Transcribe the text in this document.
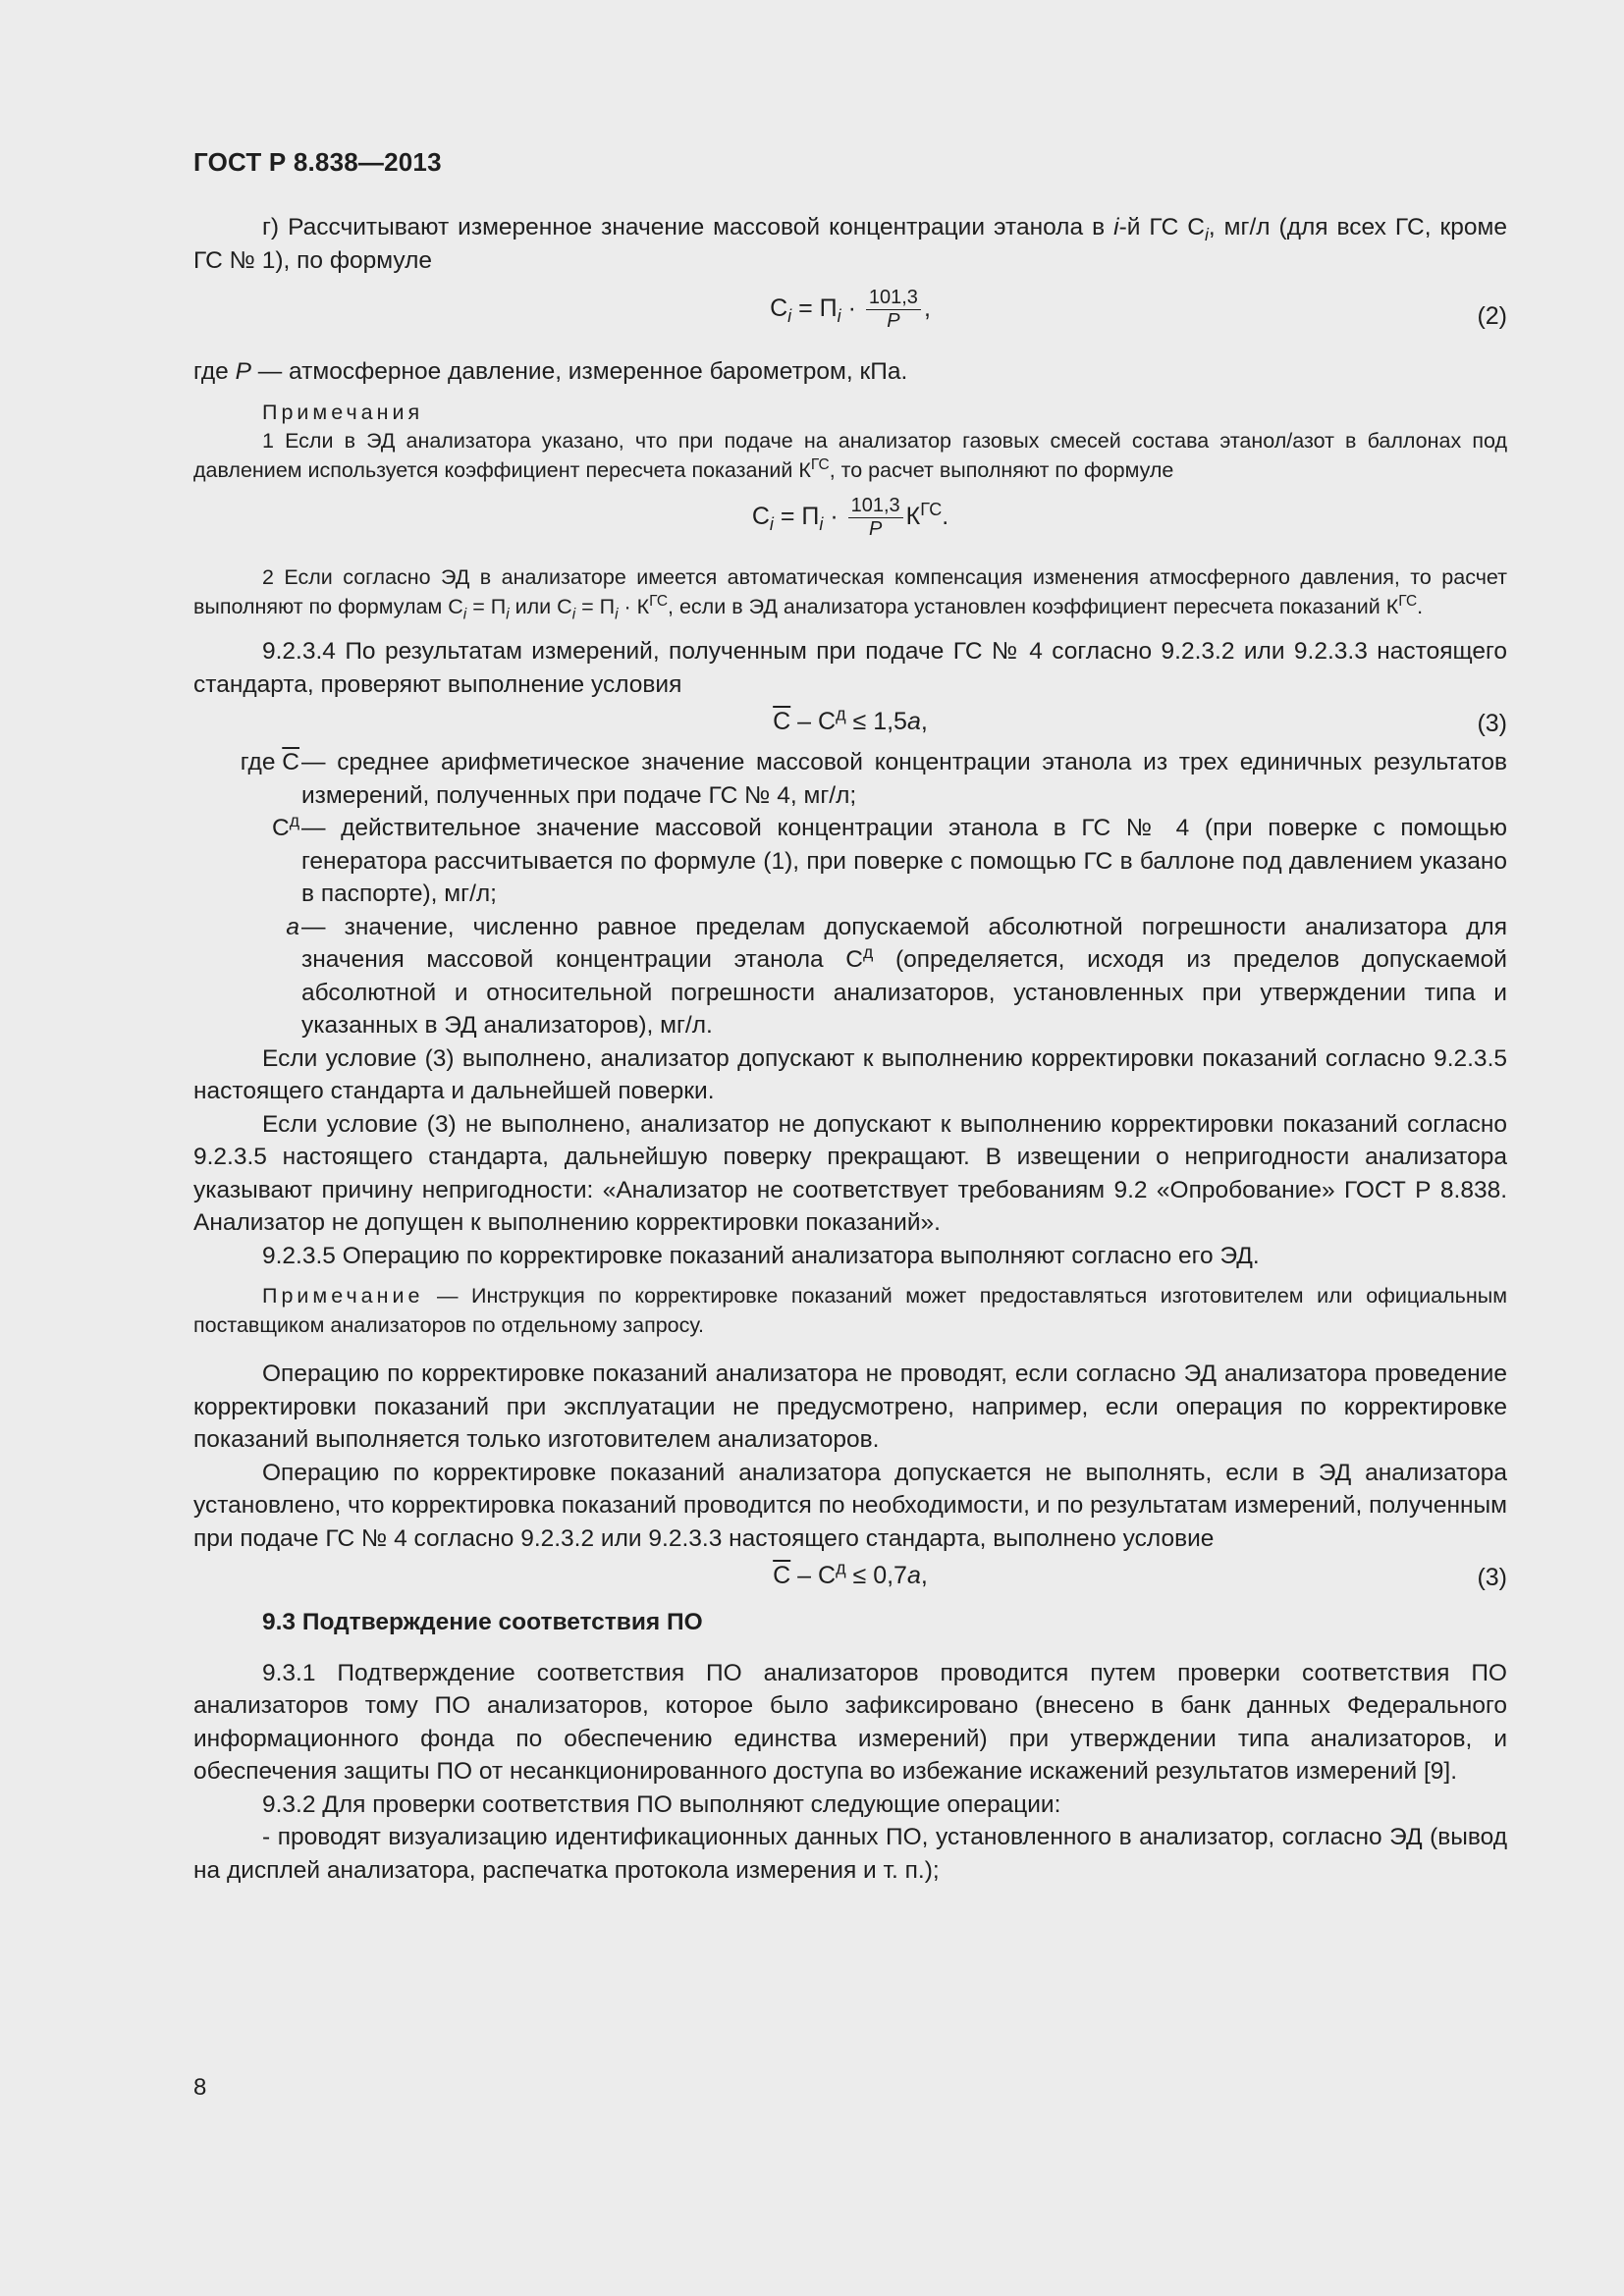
ГОСТ Р 8.838—2013

г) Рассчитывают измеренное значение массовой концентрации этанола в i-й ГС $С_i$, мг/л (для всех ГС, кроме ГС № 1), по формуле

$С_i = П_i \cdot \frac{101,3}{P}$ ,	(2)

где P — атмосферное давление, измеренное барометром, кПа.

Примечания

1 Если в ЭД анализатора указано, что при подаче на анализатор газовых смесей состава этанол/азот в баллонах под давлением используется коэффициент пересчета показаний $К^{ГС}$, то расчет выполняют по формуле

$С_i = П_i \cdot \frac{101,3}{P} К^{ГС}$.

2 Если согласно ЭД в анализаторе имеется автоматическая компенсация изменения атмосферного давления, то расчет выполняют по формулам $С_i = П_i$ или $С_i = П_i \cdot К^{ГС}$, если в ЭД анализатора установлен коэффициент пересчета показаний $К^{ГС}$.

9.2.3.4 По результатам измерений, полученным при подаче ГС № 4 согласно 9.2.3.2 или 9.2.3.3 настоящего стандарта, проверяют выполнение условия

$С - С^д \le 1,5a$,	(3)
где С — среднее арифметическое значение массовой концентрации этанола из трех единичных результатов измерений, полученных при подаче ГС № 4, мг/л;
$С^д$ — действительное значение массовой концентрации этанола в ГС № 4 (при поверке с помощью генератора рассчитывается по формуле (1), при поверке с помощью ГС в баллоне под давлением указано в паспорте), мг/л;
a — значение, численно равное пределам допускаемой абсолютной погрешности анализатора для значения массовой концентрации этанола $С^д$ (определяется, исходя из пределов допускаемой абсолютной и относительной погрешности анализаторов, установленных при утверждении типа и указанных в ЭД анализаторов), мг/л.

Если условие (3) выполнено, анализатор допускают к выполнению корректировки показаний согласно 9.2.3.5 настоящего стандарта и дальнейшей поверки.

Если условие (3) не выполнено, анализатор не допускают к выполнению корректировки показаний согласно 9.2.3.5 настоящего стандарта, дальнейшую поверку прекращают. В извещении о непригодности анализатора указывают причину непригодности: «Анализатор не соответствует требованиям 9.2 «Опробование» ГОСТ Р 8.838. Анализатор не допущен к выполнению корректировки показаний».

9.2.3.5 Операцию по корректировке показаний анализатора выполняют согласно его ЭД.

Примечание — Инструкция по корректировке показаний может предоставляться изготовителем или официальным поставщиком анализаторов по отдельному запросу.

Операцию по корректировке показаний анализатора не проводят, если согласно ЭД анализатора проведение корректировки показаний при эксплуатации не предусмотрено, например, если операция по корректировке показаний выполняется только изготовителем анализаторов.

Операцию по корректировке показаний анализатора допускается не выполнять, если в ЭД анализатора установлено, что корректировка показаний проводится по необходимости, и по результатам измерений, полученным при подаче ГС № 4 согласно 9.2.3.2 или 9.2.3.3 настоящего стандарта, выполнено условие

$С - С^д \le 0,7a$,	(3)

9.3 Подтверждение соответствия ПО

9.3.1 Подтверждение соответствия ПО анализаторов проводится путем проверки соответствия ПО анализаторов тому ПО анализаторов, которое было зафиксировано (внесено в банк данных Федерального информационного фонда по обеспечению единства измерений) при утверждении типа анализаторов, и обеспечения защиты ПО от несанкционированного доступа во избежание искажений результатов измерений [9].

9.3.2 Для проверки соответствия ПО выполняют следующие операции:

- проводят визуализацию идентификационных данных ПО, установленного в анализатор, согласно ЭД (вывод на дисплей анализатора, распечатка протокола измерения и т. п.);

8
